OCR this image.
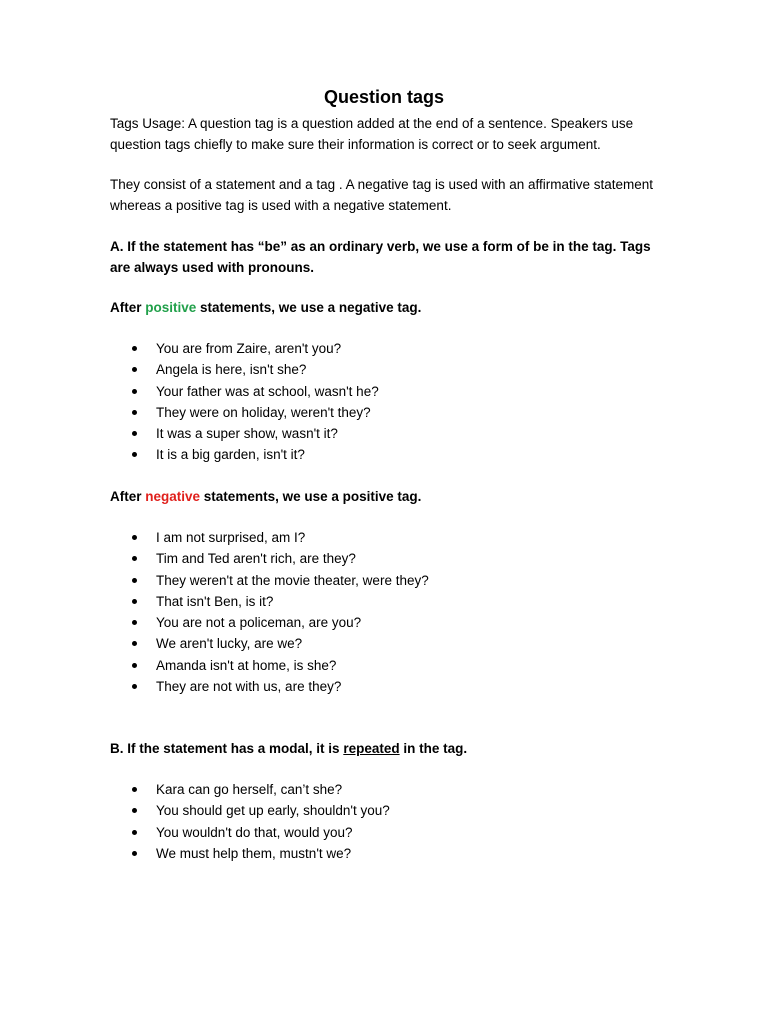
Question tags

Tags Usage: A question tag is a question added at the end of a sentence. Speakers use question tags chiefly to make sure their information is correct or to seek argument.

They consist of a statement and a tag . A negative tag is used with an affirmative statement whereas a positive tag is used with a negative statement.

A. If the statement has “be” as an ordinary verb, we use a form of be in the tag. Tags are always used with pronouns.

After positive statements, we use a negative tag.

You are from Zaire, aren't you?
Angela is here, isn't she?
Your father was at school, wasn't he?
They were on holiday, weren't they?
It was a super show, wasn't it?
It is a big garden, isn't it?

After negative statements, we use a positive tag.

I am not surprised, am I?
Tim and Ted aren't rich, are they?
They weren't at the movie theater, were they?
That isn't Ben, is it?
You are not a policeman, are you?
We aren't lucky, are we?
Amanda isn't at home, is she?
They are not with us, are they?

B. If the statement has a modal, it is repeated in the tag.

Kara can go herself, can’t she?
You should get up early, shouldn't you?
You wouldn't do that, would you?
We must help them, mustn't we?
